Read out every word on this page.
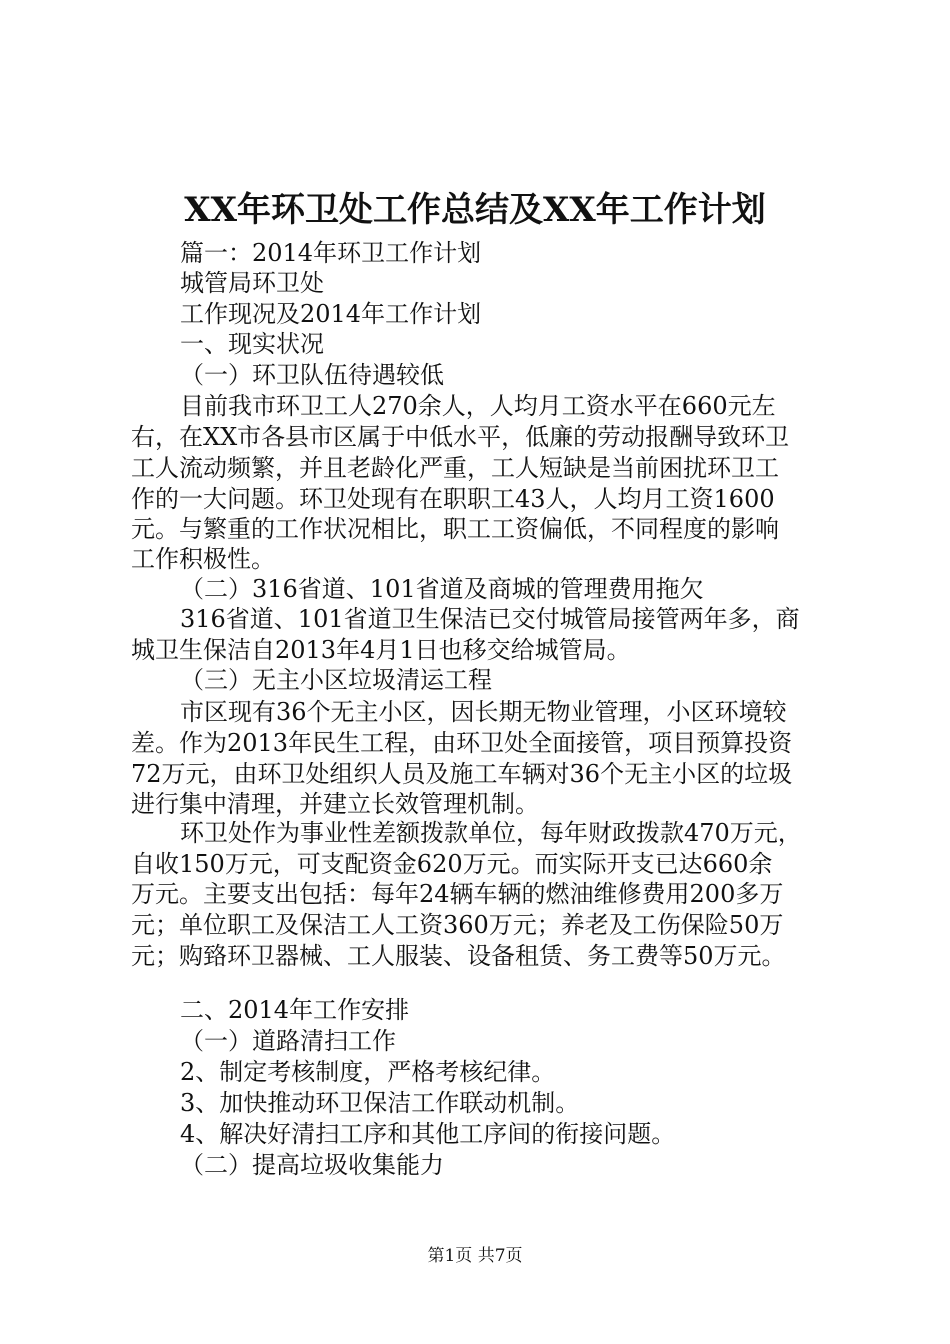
XX年环卫处工作总结及XX年工作计划
篇一：2014年环卫工作计划
城管局环卫处
工作现况及2014年工作计划
一、现实状况
（一）环卫队伍待遇较低
目前我市环卫工人270余人，人均月工资水平在660元左
右，在XX市各县市区属于中低水平，低廉的劳动报酬导致环卫
工人流动频繁，并且老龄化严重，工人短缺是当前困扰环卫工
作的一大问题。环卫处现有在职职工43人，人均月工资1600
元。与繁重的工作状况相比，职工工资偏低，不同程度的影响
工作积极性。
（二）316省道、101省道及商城的管理费用拖欠
316省道、101省道卫生保洁已交付城管局接管两年多，商
城卫生保洁自2013年4月1日也移交给城管局。
（三）无主小区垃圾清运工程
市区现有36个无主小区，因长期无物业管理，小区环境较
差。作为2013年民生工程，由环卫处全面接管，项目预算投资
72万元，由环卫处组织人员及施工车辆对36个无主小区的垃圾
进行集中清理，并建立长效管理机制。
环卫处作为事业性差额拨款单位，每年财政拨款470万元，
自收150万元，可支配资金620万元。而实际开支已达660余
万元。主要支出包括：每年24辆车辆的燃油维修费用200多万
元；单位职工及保洁工人工资360万元；养老及工伤保险50万
元；购臵环卫器械、工人服装、设备租赁、务工费等50万元。
二、2014年工作安排
（一）道路清扫工作
2、制定考核制度，严格考核纪律。
3、加快推动环卫保洁工作联动机制。
4、解决好清扫工序和其他工序间的衔接问题。
（二）提高垃圾收集能力
第1页 共7页
